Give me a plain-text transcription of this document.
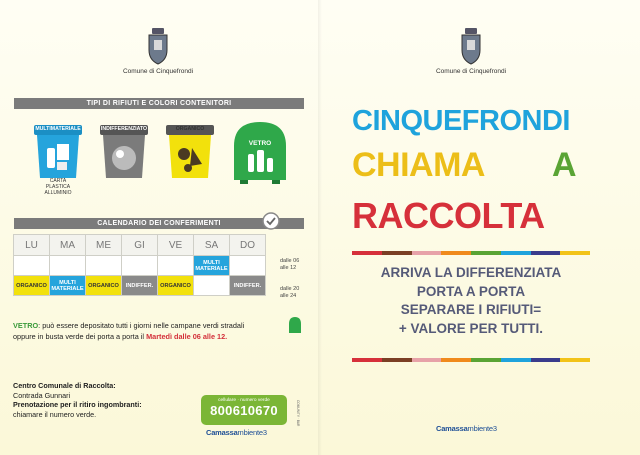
Comune di Cinquefrondi
TIPI DI RIFIUTI E COLORI CONTENITORI
MULTIMATERIALE
CARTA
PLASTICA
ALLUMINIO
INDIFFERENZIATO	ORGANICO
VETRO
CALENDARIO DEI CONFERIMENTI
LU	MA	ME	GI	VE	SA	DO
					MULTI MATERIALE	
ORGANICO	MULTI MATERIALE	ORGANICO	INDIFFER.	ORGANICO		INDIFFER.
dalle 06
alle 12
dalle 20
alle 24
VETRO: può essere depositato tutti i giorni nelle campane verdi stradali
oppure in busta verde dei porta a porta il Martedì dalle 06 alle 12.
Centro Comunale di Raccolta:
Contrada Gunnari
Prenotazione per il ritiro ingombranti:
chiamare il numero verde.
cellulare · numero verde
800610670
Camassambiente3
COMUNITY · BAR
Comune di Cinquefrondi
CINQUEFRONDI
CHIAMA A
RACCOLTA
ARRIVA LA DIFFERENZIATA
PORTA A PORTA
SEPARARE I RIFIUTI=
+ VALORE PER TUTTI.
Camassambiente3
